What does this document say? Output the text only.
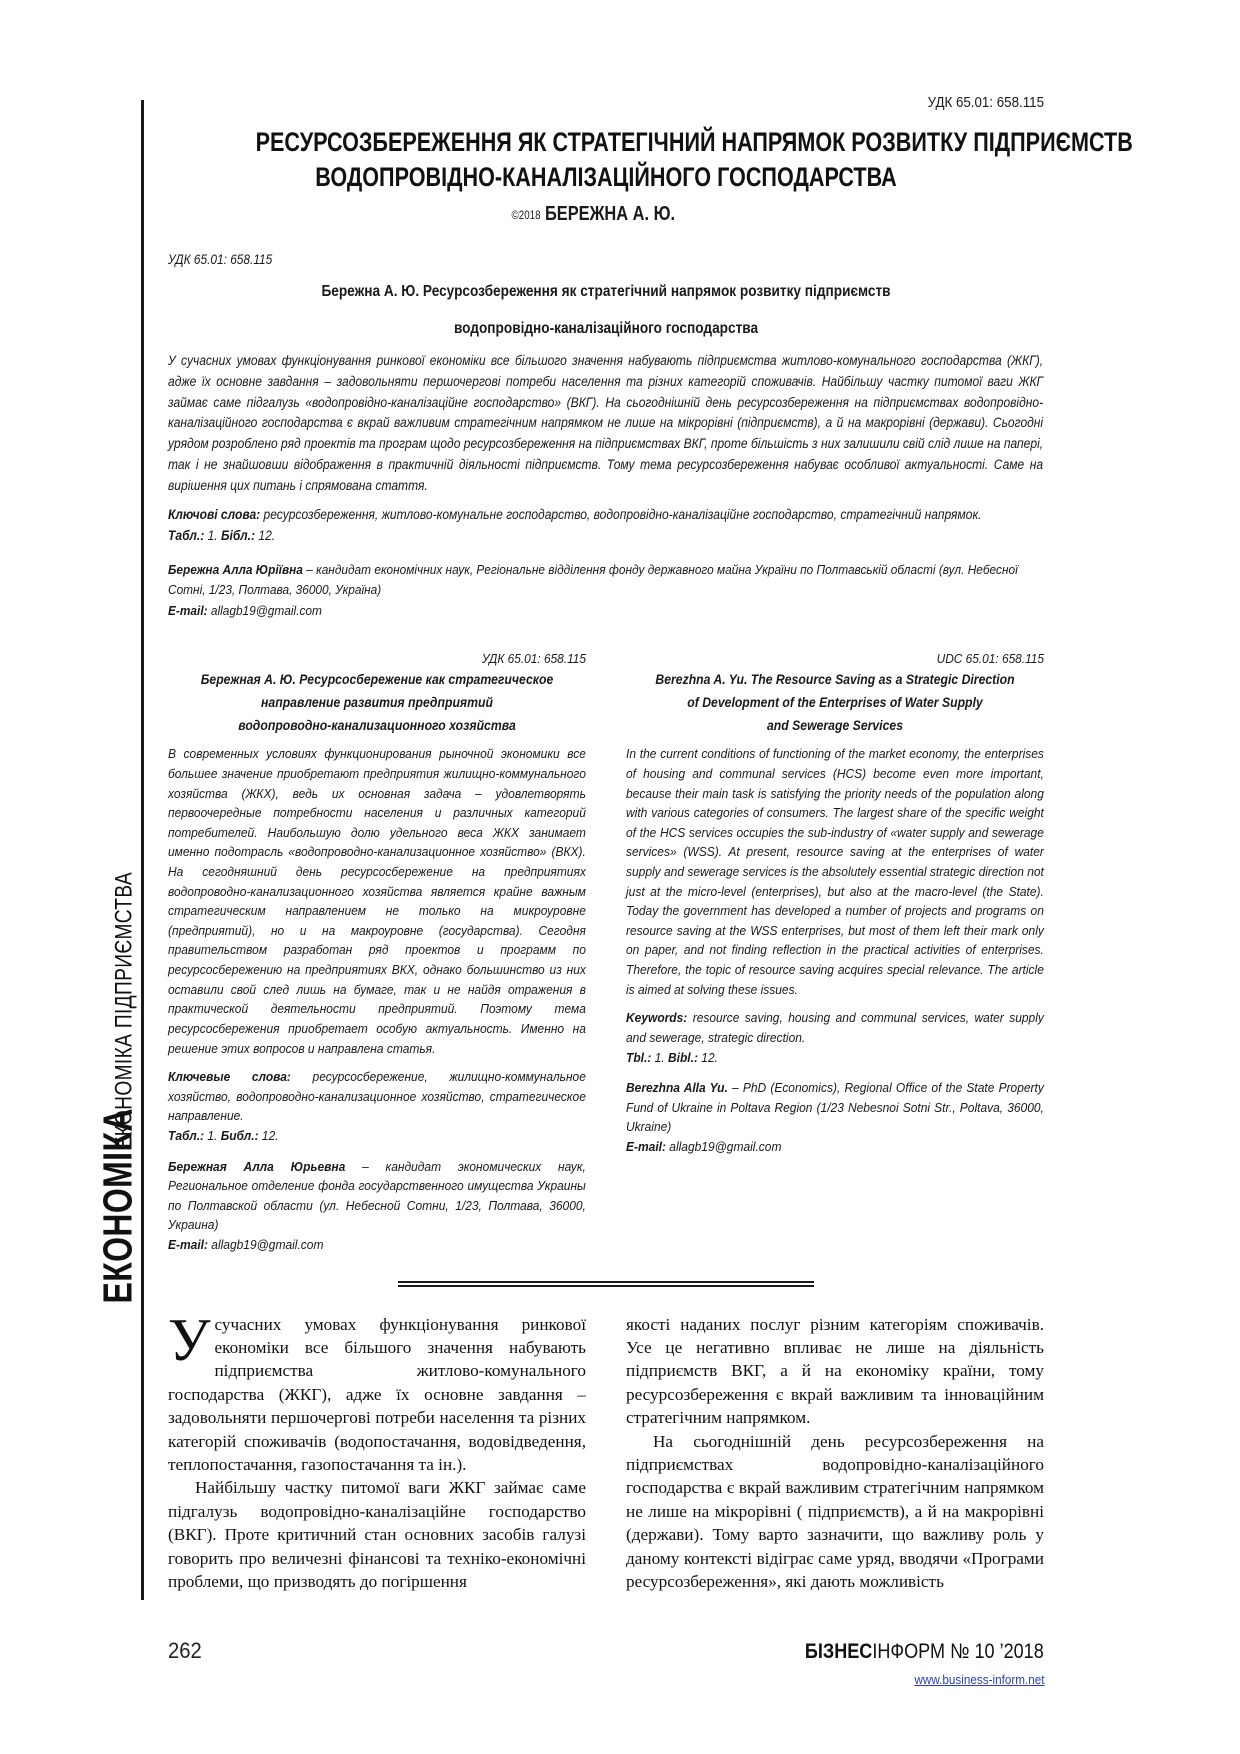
ЕКОНОМІКА
ЕКОНОМІКА ПІДПРИЄМСТВА
УДК 65.01: 658.115
РЕСУРСОЗБЕРЕЖЕННЯ ЯК СТРАТЕГІЧНИЙ НАПРЯМОК РОЗВИТКУ ПІДПРИЄМСТВ
ВОДОПРОВІДНО-КАНАЛІЗАЦІЙНОГО ГОСПОДАРСТВА
©2018 БЕРЕЖНА А. Ю.
УДК 65.01: 658.115
Бережна А. Ю. Ресурсозбереження як стратегічний напрямок розвитку підприємств
водопровідно-каналізаційного господарства
У сучасних умовах функціонування ринкової економіки все більшого значення набувають підприємства житлово-комунального господарства (ЖКГ), адже їх основне завдання – задовольняти першочергові потреби населення та різних категорій споживачів. Найбільшу частку питомої ваги ЖКГ займає саме підгалузь «водопровідно-каналізаційне господарство» (ВКГ). На сьогоднішній день ресурсозбереження на підприємствах водопровідно-каналізаційного господарства є вкрай важливим стратегічним напрямком не лише на мікрорівні (підприємств), а й на макрорівні (держави). Сьогодні урядом розроблено ряд проектів та програм щодо ресурсозбереження на підприємствах ВКГ, проте більшість з них залишили свій слід лише на папері, так і не знайшовши відображення в практичній діяльності підприємств. Тому тема ресурсозбереження набуває особливої актуальності. Саме на вирішення цих питань і спрямована стаття.
Ключові слова: ресурсозбереження, житлово-комунальне господарство, водопровідно-каналізаційне господарство, стратегічний напрямок.
Табл.: 1. Бібл.: 12.
Бережна Алла Юріївна – кандидат економічних наук, Регіональне відділення фонду державного майна України по Полтавській області (вул. Небесної Сотні, 1/23, Полтава, 36000, Україна)
E-mail: allagb19@gmail.com
УДК 65.01: 658.115
Бережная А. Ю. Ресурсосбережение как стратегическое
направление развития предприятий
водопроводно-канализационного хозяйства
В современных условиях функционирования рыночной экономики все большее значение приобретают предприятия жилищно-коммунального хозяйства (ЖКХ), ведь их основная задача – удовлетворять первоочередные потребности населения и различных категорий потребителей. Наибольшую долю удельного веса ЖКХ занимает именно подотрасль «водопроводно-канализационное хозяйство» (ВКХ). На сегодняшний день ресурсосбережение на предприятиях водопроводно-канализационного хозяйства является крайне важным стратегическим направлением не только на микроуровне (предприятий), но и на макроуровне (государства). Сегодня правительством разработан ряд проектов и программ по ресурсосбережению на предприятиях ВКХ, однако большинство из них оставили свой след лишь на бумаге, так и не найдя отражения в практической деятельности предприятий. Поэтому тема ресурсосбережения приобретает особую актуальность. Именно на решение этих вопросов и направлена статья.
Ключевые слова: ресурсосбережение, жилищно-коммунальное хозяйство, водопроводно-канализационное хозяйство, стратегическое направление.
Табл.: 1. Библ.: 12.
Бережная Алла Юрьевна – кандидат экономических наук, Региональное отделение фонда государственного имущества Украины по Полтавской области (ул. Небесной Сотни, 1/23, Полтава, 36000, Украина)
E-mail: allagb19@gmail.com
UDC 65.01: 658.115
Berezhna A. Yu. The Resource Saving as a Strategic Direction
of Development of the Enterprises of Water Supply
and Sewerage Services
In the current conditions of functioning of the market economy, the enterprises of housing and communal services (HCS) become even more important, because their main task is satisfying the priority needs of the population along with various categories of consumers. The largest share of the specific weight of the HCS services occupies the sub-industry of «water supply and sewerage services» (WSS). At present, resource saving at the enterprises of water supply and sewerage services is the absolutely essential strategic direction not just at the micro-level (enterprises), but also at the macro-level (the State). Today the government has developed a number of projects and programs on resource saving at the WSS enterprises, but most of them left their mark only on paper, and not finding reflection in the practical activities of enterprises. Therefore, the topic of resource saving acquires special relevance. The article is aimed at solving these issues.
Keywords: resource saving, housing and communal services, water supply and sewerage, strategic direction.
Tbl.: 1. Bibl.: 12.
Berezhna Alla Yu. – PhD (Economics), Regional Office of the State Property Fund of Ukraine in Poltava Region (1/23 Nebesnoi Sotni Str., Poltava, 36000, Ukraine)
E-mail: allagb19@gmail.com

У сучасних умовах функціонування ринкової економіки все більшого значення набувають підприємства житлово-комунального господарства (ЖКГ), адже їх основне завдання – задовольняти першочергові потреби населення та різних категорій споживачів (водопостачання, водовідведення, теплопостачання, газопостачання та ін.).

Найбільшу частку питомої ваги ЖКГ займає саме підгалузь водопровідно-каналізаційне господарство (ВКГ). Проте критичний стан основних засобів галузі говорить про величезні фінансові та техніко-економічні проблеми, що призводять до погіршення

якості наданих послуг різним категоріям споживачів. Усе це негативно впливає не лише на діяльність підприємств ВКГ, а й на економіку країни, тому ресурсозбереження є вкрай важливим та інноваційним стратегічним напрямком.

На сьогоднішній день ресурсозбереження на підприємствах водопровідно-каналізаційного господарства є вкрай важливим стратегічним напрямком не лише на мікрорівні ( підприємств), а й на макрорівні (держави). Тому варто зазначити, що важливу роль у даному контексті відіграє саме уряд, вводячи «Програми ресурсозбереження», які дають можливість

262	БІЗНЕСІНФОРМ № 10 ’2018
www.business-inform.net
